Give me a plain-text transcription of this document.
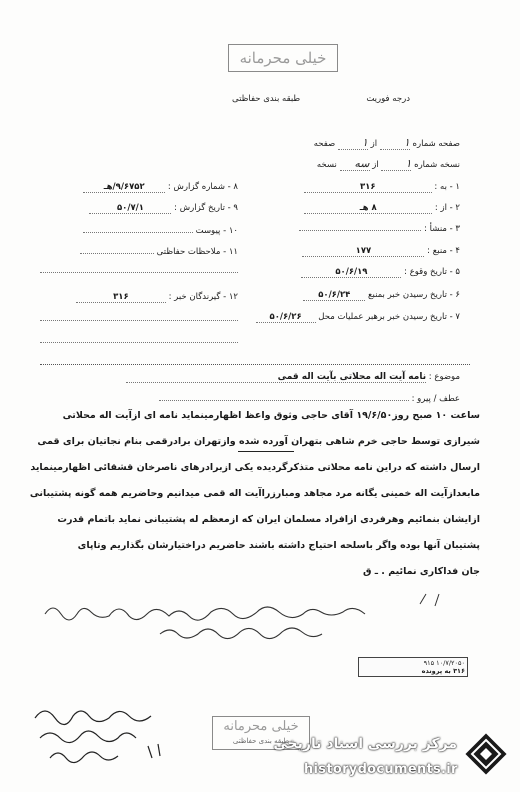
خیلی محرمانه
درجه فوریت
طبقه بندی حفاظتی
صفحه شماره ۱ از ۱ صفحه
نسخه شماره ۱ از سه نسخه
۸ - شماره گزارش : ۹/۶۷۵۲/هـ
۹ - تاریخ گزارش : ۵۰/۷/۱
۱۰ - پیوست
۱۱ - ملاحظات حفاظتی
۱۲ - گیرندگان خبر : ۳۱۶
۱ - به : ۳۱۶
۲ - از : ۸ هـ
۳ - منشأ :
۴ - منبع : ۱۷۷
۵ - تاریخ وقوع : ۵۰/۶/۱۹
۶ - تاریخ رسیدن خبر بمنبع ۵۰/۶/۲۴
۷ - تاریخ رسیدن خبر برهبر عملیات محل ۵۰/۶/۲۶
موضوع : نامه آیت اله محلاتی بآیت اله قمی
عطف / پیرو :
ساعت ۱۰ صبح روز۱۹/۶/۵۰ آقای حاجی وثوق واعظ اظهارمینماید نامه ای ازآیت اله محلاتی
شیرازی توسط حاجی خرم شاهی بتهران آورده شده وازتهران برادرقمی بنام نجاتیان برای قمی
ارسال داشته که دراین نامه محلاتی متذکرگردیده یکی ازبرادرهای ناصرخان قشقائی اظهارمینماید
مابعدازآیت اله خمینی یگانه مرد مجاهد ومبارزراآیت اله قمی میدانیم وحاضریم همه گونه پشتیبانی
ازایشان بنمائیم وهرفردی ازافراد مسلمان ایران که ازمعظم له پشتیبانی نماید باتمام قدرت
پشتیبان آنها بوده واگر باسلحه احتیاج داشته باشند حاضریم دراختیارشان بگذاریم وتاپای
جان فداکاری نمائیم . ـ ق
۱۰/۷/۲۰۵۰ ۹۱۵
۳۱۶ به پرونده
خیلی محرمانه
طبقه بندی حفاظتی
مرکز بررسی اسناد تاریخی
historydocuments.ir
